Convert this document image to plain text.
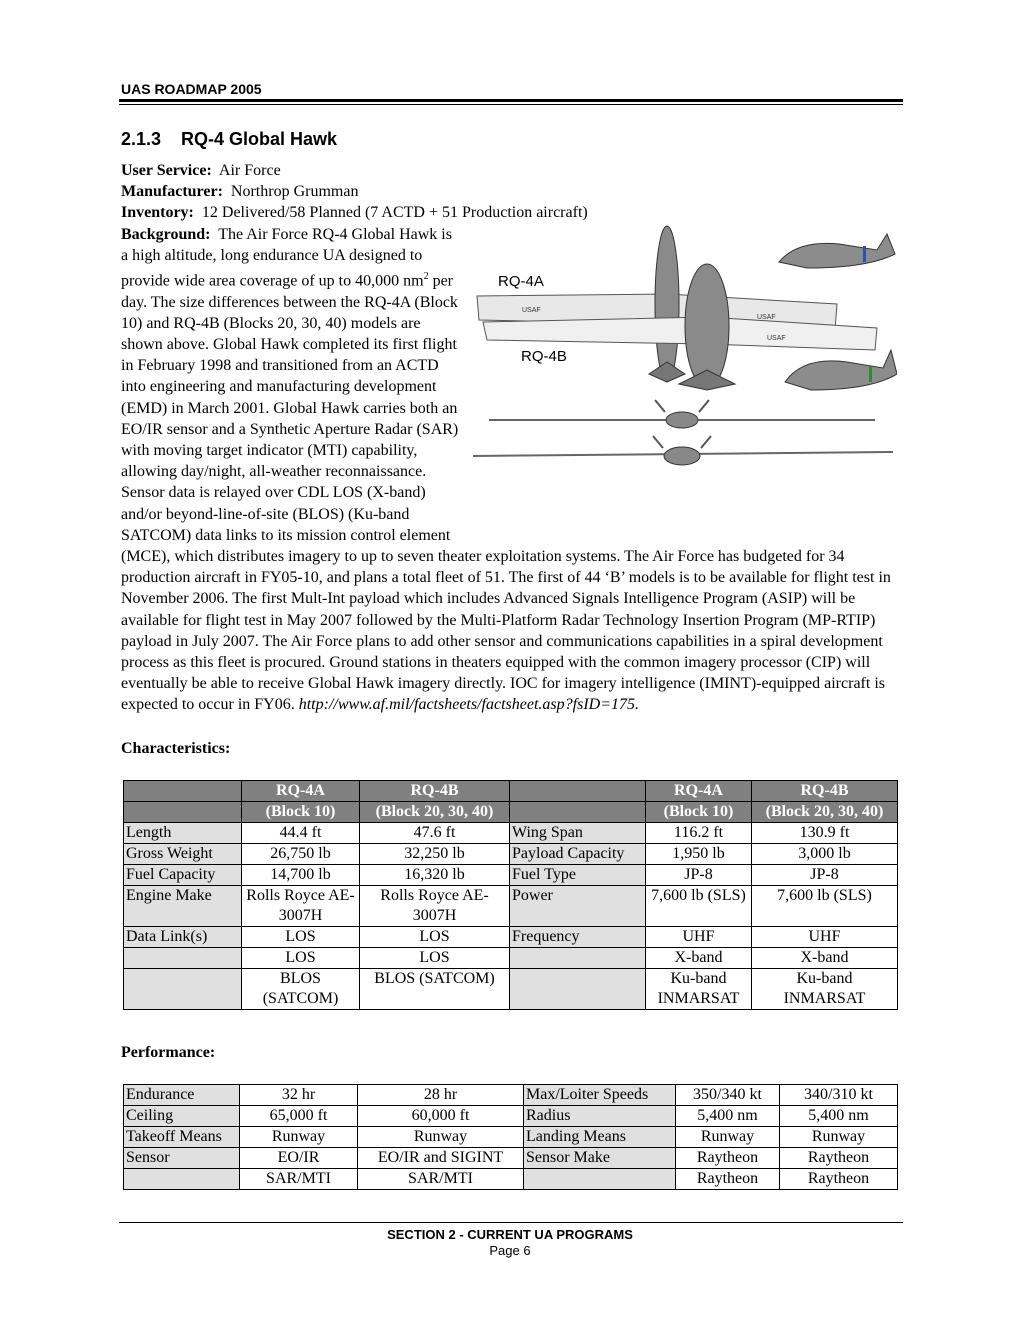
UAS ROADMAP 2005
2.1.3 RQ-4 Global Hawk

User Service: Air Force

Manufacturer: Northrop Grumman

Inventory: 12 Delivered/58 Planned (7 ACTD + 51 Production aircraft)

USAF
USAF
USAF
RQ-4A
RQ-4B

Background: The Air Force RQ-4 Global Hawk is a high altitude, long endurance UA designed to provide wide area coverage of up to 40,000 $nm^2$ per day. The size differences between the RQ-4A (Block 10) and RQ-4B (Blocks 20, 30, 40) models are shown above. Global Hawk completed its first flight in February 1998 and transitioned from an ACTD into engineering and manufacturing development (EMD) in March 2001. Global Hawk carries both an EO/IR sensor and a Synthetic Aperture Radar (SAR) with moving target indicator (MTI) capability, allowing day/night, all-weather reconnaissance. Sensor data is relayed over CDL LOS (X-band) and/or beyond-line-of-site (BLOS) (Ku-band SATCOM) data links to its mission control element (MCE), which distributes imagery to up to seven theater exploitation systems. The Air Force has budgeted for 34 production aircraft in FY05-10, and plans a total fleet of 51. The first of 44 ‘B’ models is to be available for flight test in November 2006. The first Mult-Int payload which includes Advanced Signals Intelligence Program (ASIP) will be available for flight test in May 2007 followed by the Multi-Platform Radar Technology Insertion Program (MP-RTIP) payload in July 2007. The Air Force plans to add other sensor and communications capabilities in a spiral development process as this fleet is procured. Ground stations in theaters equipped with the common imagery processor (CIP) will eventually be able to receive Global Hawk imagery directly. IOC for imagery intelligence (IMINT)-equipped aircraft is expected to occur in FY06. http://www.af.mil/factsheets/factsheet.asp?fsID=175.

Characteristics:
	RQ-4A	RQ-4B		RQ-4A	RQ-4B
	(Block 10)	(Block 20, 30, 40)		(Block 10)	(Block 20, 30, 40)
Length	44.4 ft	47.6 ft	Wing Span	116.2 ft	130.9 ft
Gross Weight	26,750 lb	32,250 lb	Payload Capacity	1,950 lb	3,000 lb
Fuel Capacity	14,700 lb	16,320 lb	Fuel Type	JP-8	JP-8
Engine Make	Rolls Royce AE-3007H	Rolls Royce AE-3007H	Power	7,600 lb (SLS)	7,600 lb (SLS)
Data Link(s)	LOS	LOS	Frequency	UHF	UHF
	LOS	LOS		X-band	X-band
	BLOS (SATCOM)	BLOS (SATCOM)		Ku-band INMARSAT	Ku-band INMARSAT
Performance:
Endurance	32 hr	28 hr	Max/Loiter Speeds	350/340 kt	340/310 kt
Ceiling	65,000 ft	60,000 ft	Radius	5,400 nm	5,400 nm
Takeoff Means	Runway	Runway	Landing Means	Runway	Runway
Sensor	EO/IR	EO/IR and SIGINT	Sensor Make	Raytheon	Raytheon
	SAR/MTI	SAR/MTI		Raytheon	Raytheon
SECTION 2 - CURRENT UA PROGRAMS
Page 6
